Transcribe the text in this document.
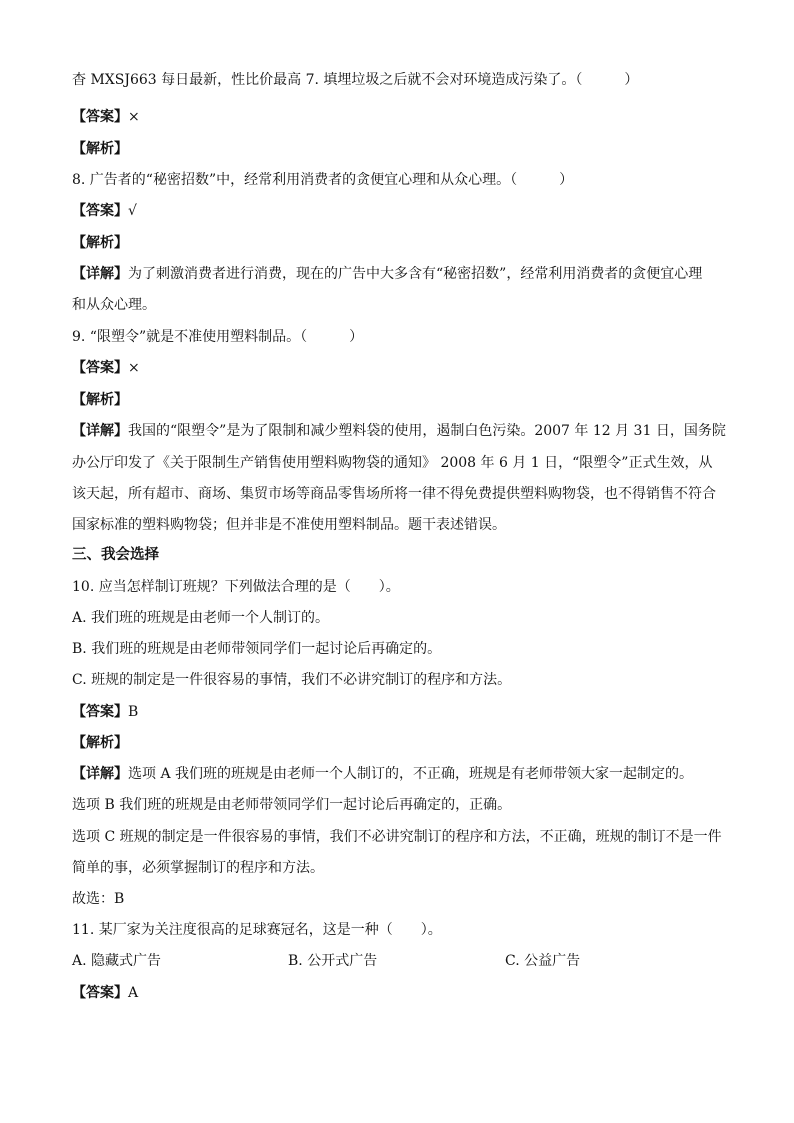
杳 MXSJ663 每日最新，性比价最高 7. 填埋垃圾之后就不会对环境造成污染了。（　　　）
【答案】×
【解析】
8. 广告者的“秘密招数”中，经常利用消费者的贪便宜心理和从众心理。（　　　）
【答案】√
【解析】
【详解】为了刺激消费者进行消费，现在的广告中大多含有“秘密招数”，经常利用消费者的贪便宜心理
和从众心理。
9. “限塑令”就是不准使用塑料制品。（　　　）
【答案】×
【解析】
【详解】我国的“限塑令”是为了限制和减少塑料袋的使用，遏制白色污染。2007 年 12 月 31 日，国务院
办公厅印发了《关于限制生产销售使用塑料购物袋的通知》 2008 年 6 月 1 日，“限塑令”正式生效，从
该天起，所有超市、商场、集贸市场等商品零售场所将一律不得免费提供塑料购物袋，也不得销售不符合
国家标准的塑料购物袋；但并非是不准使用塑料制品。题干表述错误。
三、我会选择
10. 应当怎样制订班规？下列做法合理的是（　　）。
A. 我们班的班规是由老师一个人制订的。
B. 我们班的班规是由老师带领同学们一起讨论后再确定的。
C. 班规的制定是一件很容易的事情，我们不必讲究制订的程序和方法。
【答案】B
【解析】
【详解】选项 A 我们班的班规是由老师一个人制订的，不正确，班规是有老师带领大家一起制定的。
选项 B 我们班的班规是由老师带领同学们一起讨论后再确定的，正确。
选项 C 班规的制定是一件很容易的事情，我们不必讲究制订的程序和方法，不正确，班规的制订不是一件
简单的事，必须掌握制订的程序和方法。
故选：B
11. 某厂家为关注度很高的足球赛冠名，这是一种（　　）。
A. 隐藏式广告	B. 公开式广告	C. 公益广告
【答案】A
